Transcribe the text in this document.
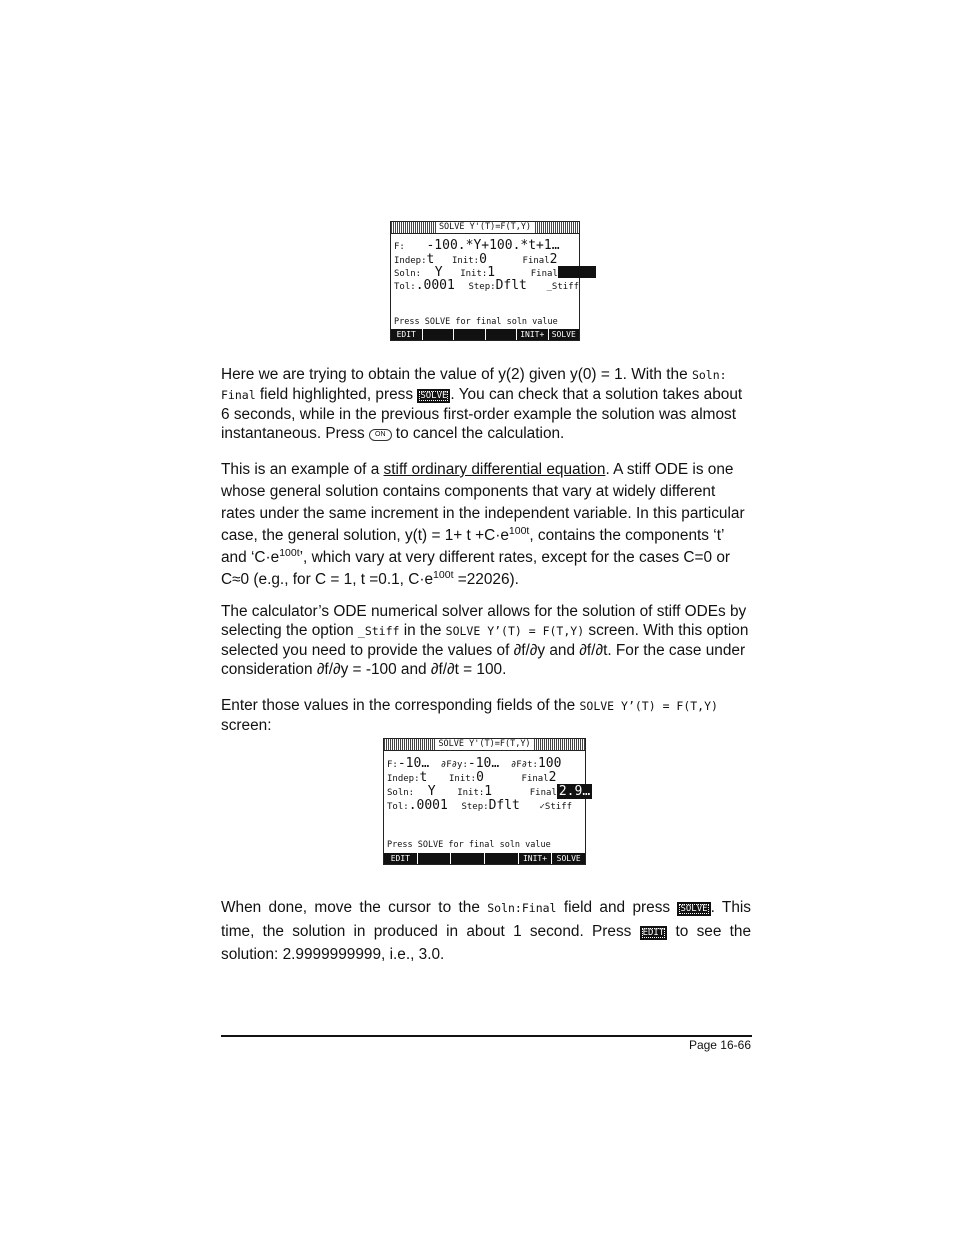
SOLVE Y'(T)=F(T,Y)
F: -100.*Y+100.*t+1…
Indep:t Init:0	Final2
Soln: Y Init:1	Final
Tol:.0001 Step:Dflt _Stiff
Press SOLVE for final soln value
EDIT	INIT+ SOLVE

Here we are trying to obtain the value of y(2) given y(0) = 1. With the Soln: Final field highlighted, press SOLVE . You can check that a solution takes about 6 seconds, while in the previous first-order example the solution was almost instantaneous. Press ON to cancel the calculation.

This is an example of a stiff ordinary differential equation. A stiff ODE is one whose general solution contains components that vary at widely different rates under the same increment in the independent variable. In this particular case, the general solution, $y(t) = 1+ t +C\cdot e^{100t}$, contains the components ‘t’ and ‘$C\cdot e^{100t}$’, which vary at very different rates, except for the cases C=0 or C≈0 (e.g., for C = 1, t =0.1, $C\cdot e^{100t} =22026$).

The calculator’s ODE numerical solver allows for the solution of stiff ODEs by selecting the option _Stiff in the SOLVE Y’(T) = F(T,Y) screen. With this option selected you need to provide the values of ∂f/∂y and ∂f/∂t. For the case under consideration ∂f/∂y = -100 and ∂f/∂t = 100.

Enter those values in the corresponding fields of the SOLVE Y’(T) = F(T,Y) screen:

SOLVE Y'(T)=F(T,Y)
F:-10… ∂F∂y:-10… ∂F∂t:100
Indep:t Init:0	Final2
Soln: Y Init:1	Final 2.9…
Tol:.0001 Step:Dflt ✓Stiff
Press SOLVE for final soln value
EDIT	INIT+	SOLVE

When done, move the cursor to the Soln:Final field and press SOLVE . This time, the solution in produced in about 1 second. Press EDIT to see the solution: 2.9999999999, i.e., 3.0.

Page 16-66
